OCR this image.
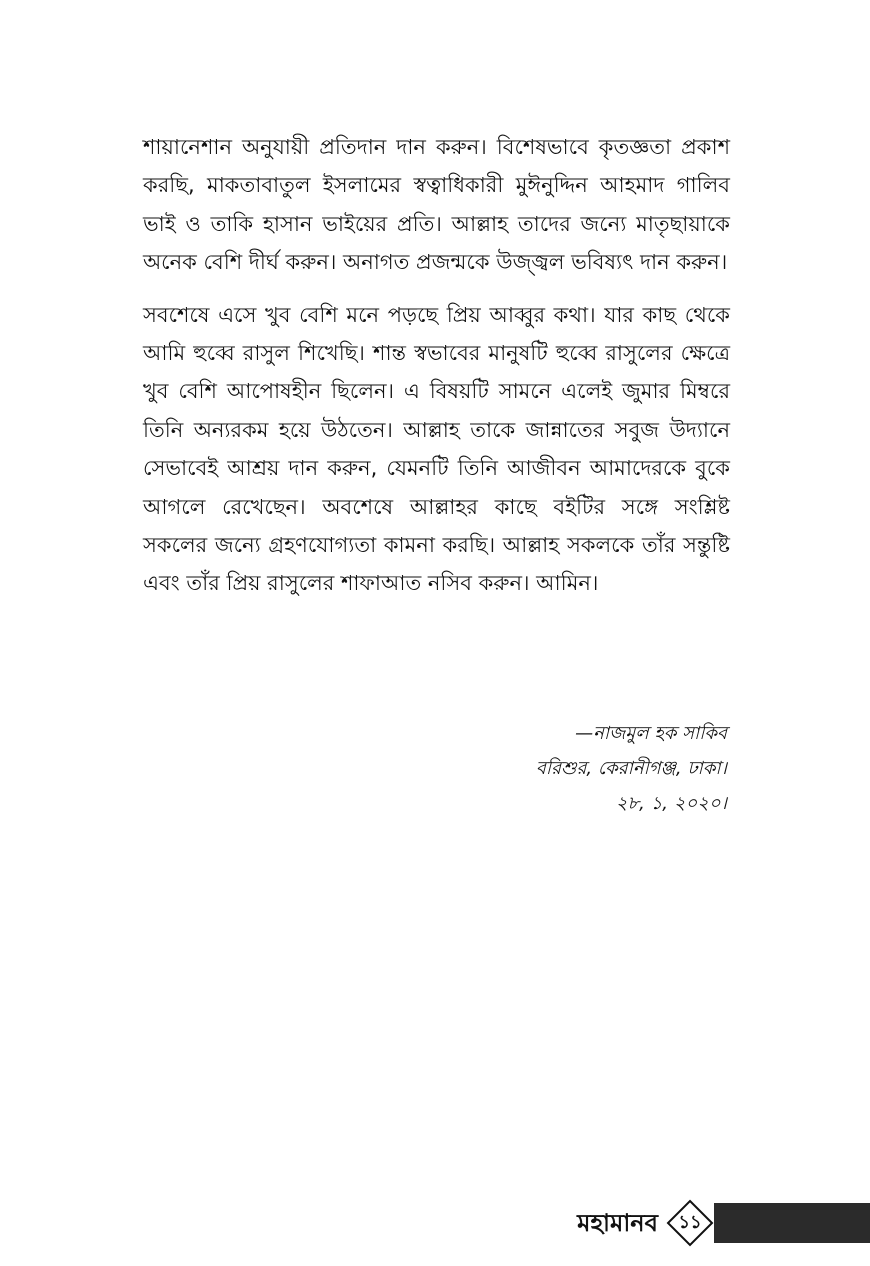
শায়ানেশান অনুযায়ী প্রতিদান দান করুন। বিশেষভাবে কৃতজ্ঞতা প্রকাশ করছি, মাকতাবাতুল ইসলামের স্বত্বাধিকারী মুঈনুদ্দিন আহমাদ গালিব ভাই ও তাকি হাসান ভাইয়ের প্রতি। আল্লাহ তাদের জন্যে মাতৃছায়াকে অনেক বেশি দীর্ঘ করুন। অনাগত প্রজন্মকে উজ্জ্বল ভবিষ্যৎ দান করুন।

সবশেষে এসে খুব বেশি মনে পড়ছে প্রিয় আব্বুর কথা। যার কাছ থেকে আমি হুব্বে রাসুল শিখেছি। শান্ত স্বভাবের মানুষটি হুব্বে রাসুলের ক্ষেত্রে খুব বেশি আপোষহীন ছিলেন। এ বিষয়টি সামনে এলেই জুমার মিম্বরে তিনি অন্যরকম হয়ে উঠতেন। আল্লাহ তাকে জান্নাতের সবুজ উদ্যানে সেভাবেই আশ্রয় দান করুন, যেমনটি তিনি আজীবন আমাদেরকে বুকে আগলে রেখেছেন। অবশেষে আল্লাহর কাছে বইটির সঙ্গে সংশ্লিষ্ট সকলের জন্যে গ্রহণযোগ্যতা কামনা করছি। আল্লাহ সকলকে তাঁর সন্তুষ্টি এবং তাঁর প্রিয় রাসুলের শাফাআত নসিব করুন। আমিন।

—নাজমুল হক সাকিব
বরিশুর, কেরানীগঞ্জ, ঢাকা।
২৮, ১, ২০২০।
মহামানব	১১
